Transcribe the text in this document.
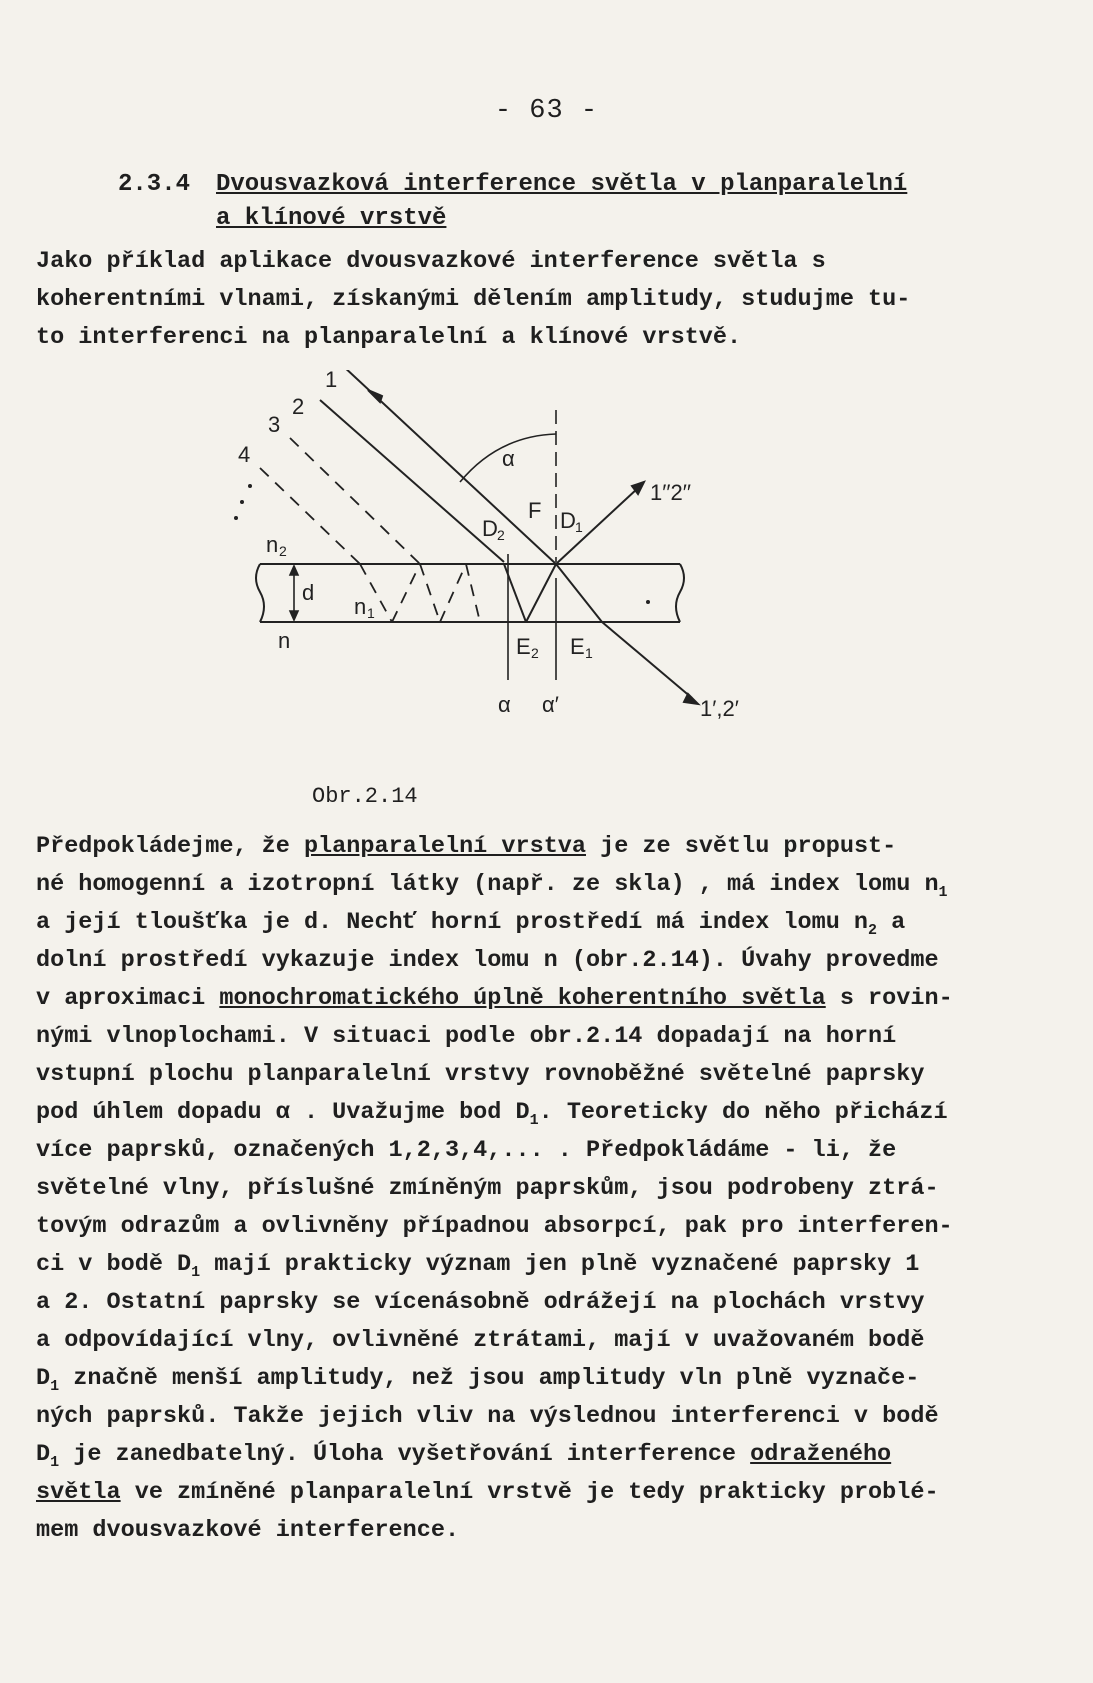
- 63 -
2.3.4 Dvousvazková interference světla v planparalelní
a klínové vrstvě
Jako příklad aplikace dvousvazkové interference světla s
koherentními vlnami, získanými dělením amplitudy, studujme tu-
to interferenci na planparalelní a klínové vrstvě.
1
2
3
4	α
F
D 2
D 1
1′′2′′
n 2
d
n 1
n	E 2 E 1
α α′	1′,2′
Obr.2.14
Předpokládejme, že planparalelní vrstva je ze světlu propust-
né homogenní a izotropní látky (např. ze skla) , má index lomu $n_1$
a její tloušťka je d. Nechť horní prostředí má index lomu $n_2$ a
dolní prostředí vykazuje index lomu n (obr.2.14). Úvahy provedme
v aproximaci monochromatického úplně koherentního světla s rovin-
nými vlnoplochami. V situaci podle obr.2.14 dopadají na horní
vstupní plochu planparalelní vrstvy rovnoběžné světelné paprsky
pod úhlem dopadu α . Uvažujme bod $D_1$. Teoreticky do něho přichází
více paprsků, označených 1,2,3,4,... . Předpokládáme - li, že
světelné vlny, příslušné zmíněným paprskům, jsou podrobeny ztrá-
tovým odrazům a ovlivněny případnou absorpcí, pak pro interferen-
ci v bodě $D_1$ mají prakticky význam jen plně vyznačené paprsky 1
a 2. Ostatní paprsky se vícenásobně odrážejí na plochách vrstvy
a odpovídající vlny, ovlivněné ztrátami, mají v uvažovaném bodě
$D_1$ značně menší amplitudy, než jsou amplitudy vln plně vyznače-
ných paprsků. Takže jejich vliv na výslednou interferenci v bodě
$D_1$ je zanedbatelný. Úloha vyšetřování interference odraženého
světla ve zmíněné planparalelní vrstvě je tedy prakticky problé-
mem dvousvazkové interference.
